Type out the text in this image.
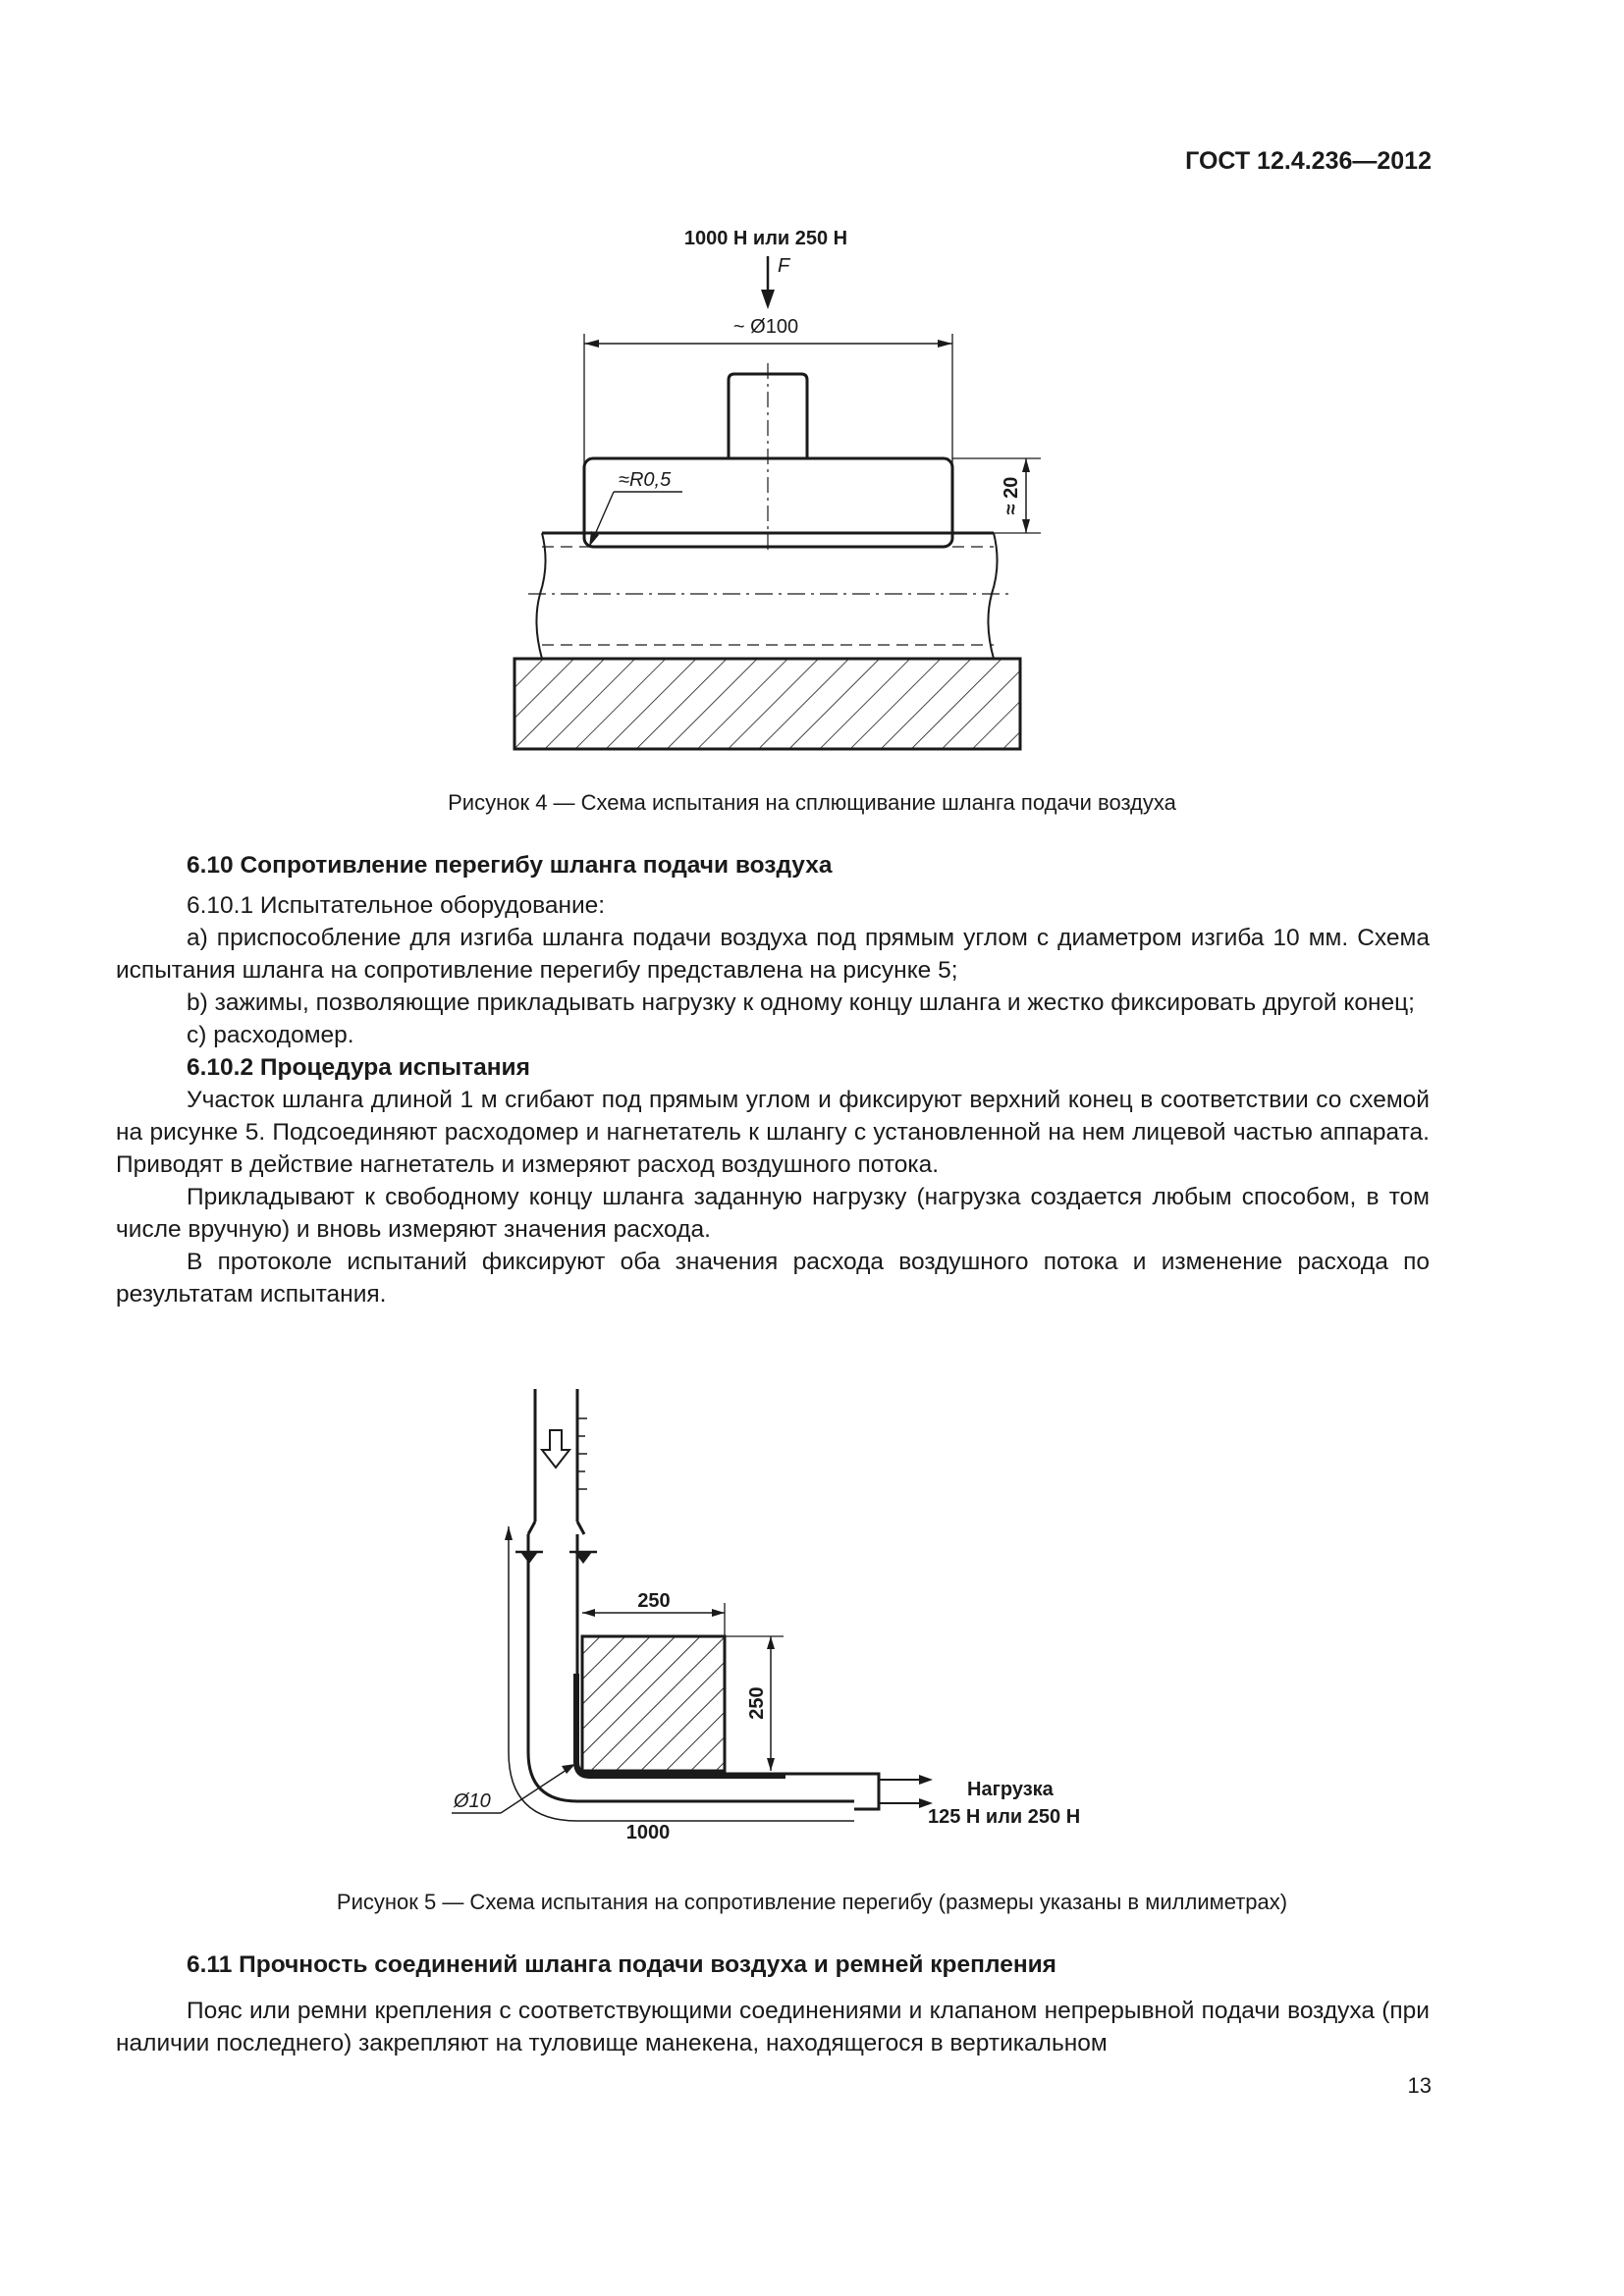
ГОСТ 12.4.236—2012
1000 Н или 250 Н
F
~ Ø100
≈R0,5	≈ 20
Рисунок 4 — Схема испытания на сплющивание шланга подачи воздуха

6.10 Сопротивление перегибу шланга подачи воздуха

6.10.1 Испытательное оборудование:

a) приспособление для изгиба шланга подачи воздуха под прямым углом с диаметром изгиба 10 мм. Схема испытания шланга на сопротивление перегибу представлена на рисунке 5;

b) зажимы, позволяющие прикладывать нагрузку к одному концу шланга и жестко фиксировать другой конец;

c) расходомер.

6.10.2 Процедура испытания

Участок шланга длиной 1 м сгибают под прямым углом и фиксируют верхний конец в соответствии со схемой на рисунке 5. Подсоединяют расходомер и нагнетатель к шлангу с установленной на нем лицевой частью аппарата. Приводят в действие нагнетатель и измеряют расход воздушного потока.

Прикладывают к свободному концу шланга заданную нагрузку (нагрузка создается любым способом, в том числе вручную) и вновь измеряют значения расхода.

В протоколе испытаний фиксируют оба значения расхода воздушного потока и изменение расхода по результатам испытания.

250
250
1000
Ø10
Нагрузка
125 Н или 250 Н
Рисунок 5 — Схема испытания на сопротивление перегибу (размеры указаны в миллиметрах)

6.11 Прочность соединений шланга подачи воздуха и ремней крепления

Пояс или ремни крепления с соответствующими соединениями и клапаном непрерывной подачи воздуха (при наличии последнего) закрепляют на туловище манекена, находящегося в вертикальном

13
